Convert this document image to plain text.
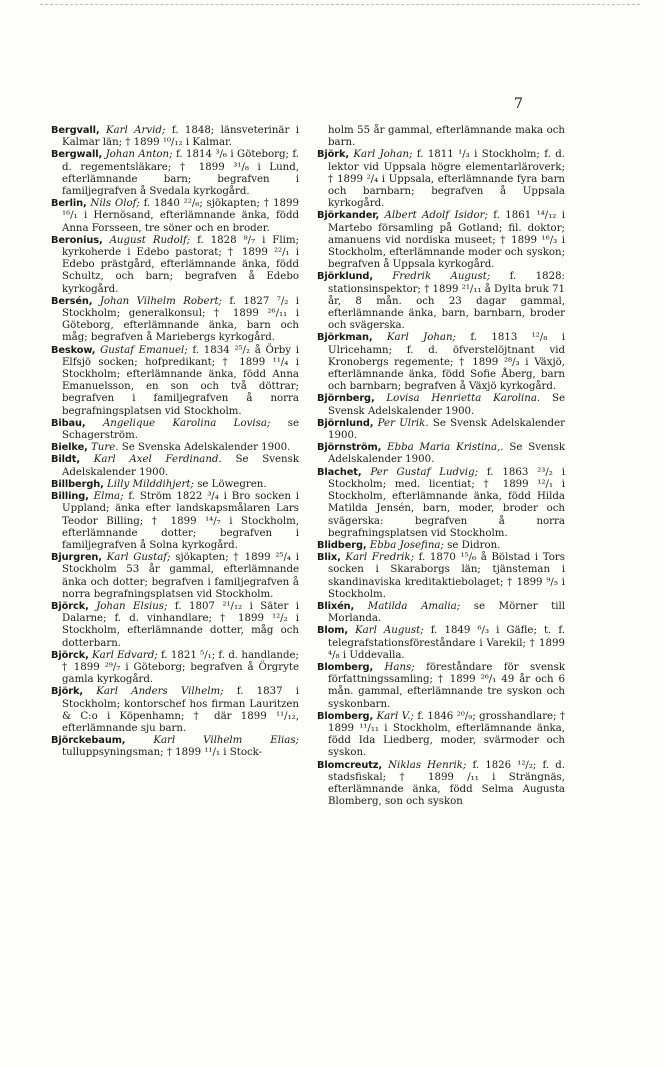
7
Bergvall, Karl Arvid; f. 1848; länsveterinär i Kalmar län; † 1899 ¹⁰/₁₂ i Kalmar.
Bergwall, Johan Anton; f. 1814 ³/₆ i Göteborg; f. d. regementsläkare; † 1899 ³¹/₈ i Lund, efterlämnande barn; begrafven i familjegrafven å Svedala kyrkogård.
Berlin, Nils Olof; f. 1840 ²²/₆; sjökapten; † 1899 ¹⁶/₁ i Hernösand, efterlämnande änka, född Anna Forsseen, tre söner och en broder.
Beronius, August Rudolf; f. 1828 ⁸/₇ i Flim; kyrkoherde i Edebo pastorat; † 1899 ²²/₁ i Edebo prästgård, efterlämnande änka, född Schultz, och barn; begrafven å Edebo kyrkogård.
Bersén, Johan Vilhelm Robert; f. 1827 ⁷/₂ i Stockholm; generalkonsul; † 1899 ²⁶/₁₁ i Göteborg, efterlämnande änka, barn och måg; begrafven å Mariebergs kyrkogård.
Beskow, Gustaf Emanuel; f. 1834 ²⁵/₂ å Örby i Elfsjö socken; hofpredikant; † 1899 ¹¹/₄ i Stockholm; efterlämnande änka, född Anna Emanuelsson, en son och två döttrar; begrafven i familjegrafven å norra begrafningsplatsen vid Stockholm.
Bibau, Angelique Karolina Lovisa; se Schagerström.
Bielke, Ture. Se Svenska Adelskalender 1900.
Bildt, Karl Axel Ferdinand. Se Svensk Adelskalender 1900.
Billbergh, Lilly Milddihjert; se Löwegren.
Billing, Elma; f. Ström 1822 ³/₄ i Bro socken i Uppland; änka efter landskapsmålaren Lars Teodor Billing; † 1899 ¹⁴/₇ i Stockholm, efterlämnande dotter; begrafven i familjegrafven å Solna kyrkogård.
Bjurgren, Karl Gustaf; sjökapten; † 1899 ²⁵/₄ i Stockholm 53 år gammal, efterlämnande änka och dotter; begrafven i familjegrafven å norra begrafningsplatsen vid Stockholm.
Björck, Johan Elsius; f. 1807 ²¹/₁₂ i Säter i Dalarne; f. d. vinhandlare; † 1899 ¹²/₂ i Stockholm, efterlämnande dotter, måg och dotterbarn.
Björck, Karl Edvard; f. 1821 ⁵/₁; f. d. handlande; † 1899 ²⁹/₇ i Göteborg; begrafven å Örgryte gamla kyrkogård.
Björk, Karl Anders Vilhelm; f. 1837 i Stockholm; kontorschef hos firman Lauritzen & C:o i Köpenhamn; † där 1899 ¹¹/₁₂, efterlämnande sju barn.
Björckebaum,	Karl Vilhelm Elias; tulluppsyningsman; † 1899 ¹¹/₁ i Stock-
holm 55 år gammal, efterlämnande maka och barn.
Björk, Karl Johan; f. 1811 ¹/₃ i Stockholm; f. d. lektor vid Uppsala högre elementarläroverk; † 1899 ²/₄ i Uppsala, efterlämnande fyra barn och barnbarn; begrafven å Uppsala kyrkogård.
Björkander, Albert Adolf Isidor; f. 1861 ¹⁴/₁₂ i Martebo församling på Gotland; fil. doktor; amanuens vid nordiska museet; † 1899 ¹⁶/₃ i Stockholm, efterlämnande moder och syskon; begrafven å Uppsala kyrkogård.
Björklund, Fredrik August; f. 1828: stationsinspektor; † 1899 ²¹/₁₁ å Dylta bruk 71 år, 8 mån. och 23 dagar gammal, efterlämnande änka, barn, barnbarn, broder och svägerska.
Björkman, Karl Johan; f. 1813 ¹²/₈ i Ulricehamn; f. d. öfverstelöjtnant vid Kronobergs regemente; † 1899 ²⁸/₃ i Växjö, efterlämnande änka, född Sofie Åberg, barn och barnbarn; begrafven å Växjö kyrkogård.
Björnberg, Lovisa Henrietta Karolina. Se Svensk Adelskalender 1900.
Björnlund, Per Ulrik. Se Svensk Adelskalender 1900.
Björnström, Ebba Maria Kristina,. Se Svensk Adelskalender 1900.
Blachet, Per Gustaf Ludvig; f. 1863 ²³/₂ i Stockholm; med. licentiat; † 1899 ¹²/₁ i Stockholm, efterlämnande änka, född Hilda Matilda Jensén, barn, moder, broder och svägerska: begrafven å norra begrafningsplatsen vid Stockholm.
Blidberg, Ebba Josefina; se Didron.
Blix, Karl Fredrik; f. 1870 ¹⁵/₆ å Bölstad i Tors socken i Skaraborgs län; tjänsteman i skandinaviska kreditaktiebolaget; † 1899 ⁹/₅ i Stockholm.
Blixén, Matilda Amalia; se Mörner till Morlanda.
Blom, Karl August; f. 1849 ⁶/₃ i Gäfle; t. f. telegrafstationsföreståndare i Varekil; † 1899 ⁴/₈ i Uddevalla.
Blomberg, Hans; föreståndare för svensk författningssamling; † 1899 ²⁶/₁ 49 år och 6 mån. gammal, efterlämnande tre syskon och syskonbarn.
Blomberg, Karl V.; f. 1846 ²⁰/₉; grosshandlare; † 1899 ¹¹/₁₁ i Stockholm, efterlämnande änka, född Ida Liedberg, moder, svärmoder och syskon.
Blomcreutz, Niklas Henrik; f. 1826 ¹²/₂; f. d. stadsfiskal; † 1899 /₁₁ i Strängnäs, efterlämnande änka, född Selma Augusta Blomberg, son och syskon
